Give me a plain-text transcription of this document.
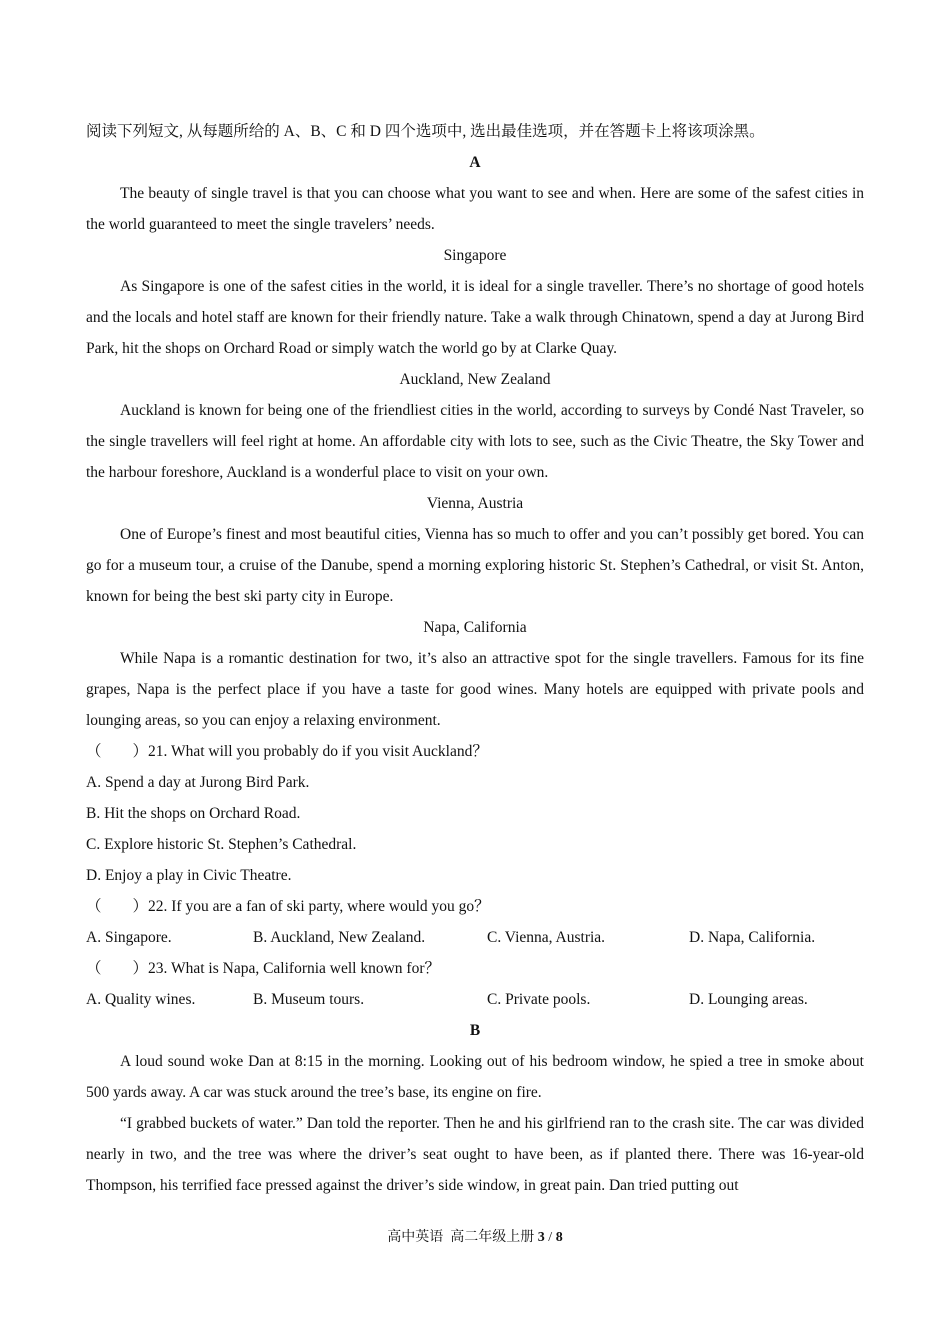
阅读下列短文, 从每题所给的 A、B、C 和 D 四个选项中, 选出最佳选项，并在答题卡上将该项涂黑。
A
The beauty of single travel is that you can choose what you want to see and when. Here are some of the safest cities in the world guaranteed to meet the single travelers’ needs.
Singapore
As Singapore is one of the safest cities in the world, it is ideal for a single traveller. There’s no shortage of good hotels and the locals and hotel staff are known for their friendly nature. Take a walk through Chinatown, spend a day at Jurong Bird Park, hit the shops on Orchard Road or simply watch the world go by at Clarke Quay.
Auckland, New Zealand
Auckland is known for being one of the friendliest cities in the world, according to surveys by Condé Nast Traveler, so the single travellers will feel right at home. An affordable city with lots to see, such as the Civic Theatre, the Sky Tower and the harbour foreshore, Auckland is a wonderful place to visit on your own.
Vienna, Austria
One of Europe’s finest and most beautiful cities, Vienna has so much to offer and you can’t possibly get bored. You can go for a museum tour, a cruise of the Danube, spend a morning exploring historic St. Stephen’s Cathedral, or visit St. Anton, known for being the best ski party city in Europe.
Napa, California
While Napa is a romantic destination for two, it’s also an attractive spot for the single travellers. Famous for its fine grapes, Napa is the perfect place if you have a taste for good wines. Many hotels are equipped with private pools and lounging areas, so you can enjoy a relaxing environment.
（　　）21. What will you probably do if you visit Auckland？
A. Spend a day at Jurong Bird Park.
B. Hit the shops on Orchard Road.
C. Explore historic St. Stephen’s Cathedral.
D. Enjoy a play in Civic Theatre.
（　　）22. If you are a fan of ski party, where would you go？
A. Singapore.	B. Auckland, New Zealand.	C. Vienna, Austria.	D. Napa, California.
（　　）23. What is Napa, California well known for？
A. Quality wines.	B. Museum tours.	C. Private pools.	D. Lounging areas.
B
A loud sound woke Dan at 8:15 in the morning. Looking out of his bedroom window, he spied a tree in smoke about 500 yards away. A car was stuck around the tree’s base, its engine on fire.
“I grabbed buckets of water.” Dan told the reporter. Then he and his girlfriend ran to the crash site. The car was divided nearly in two, and the tree was where the driver’s seat ought to have been, as if planted there. There was 16-year-old Thompson, his terrified face pressed against the driver’s side window, in great pain. Dan tried putting out
高中英语 高二年级上册 3 / 8
